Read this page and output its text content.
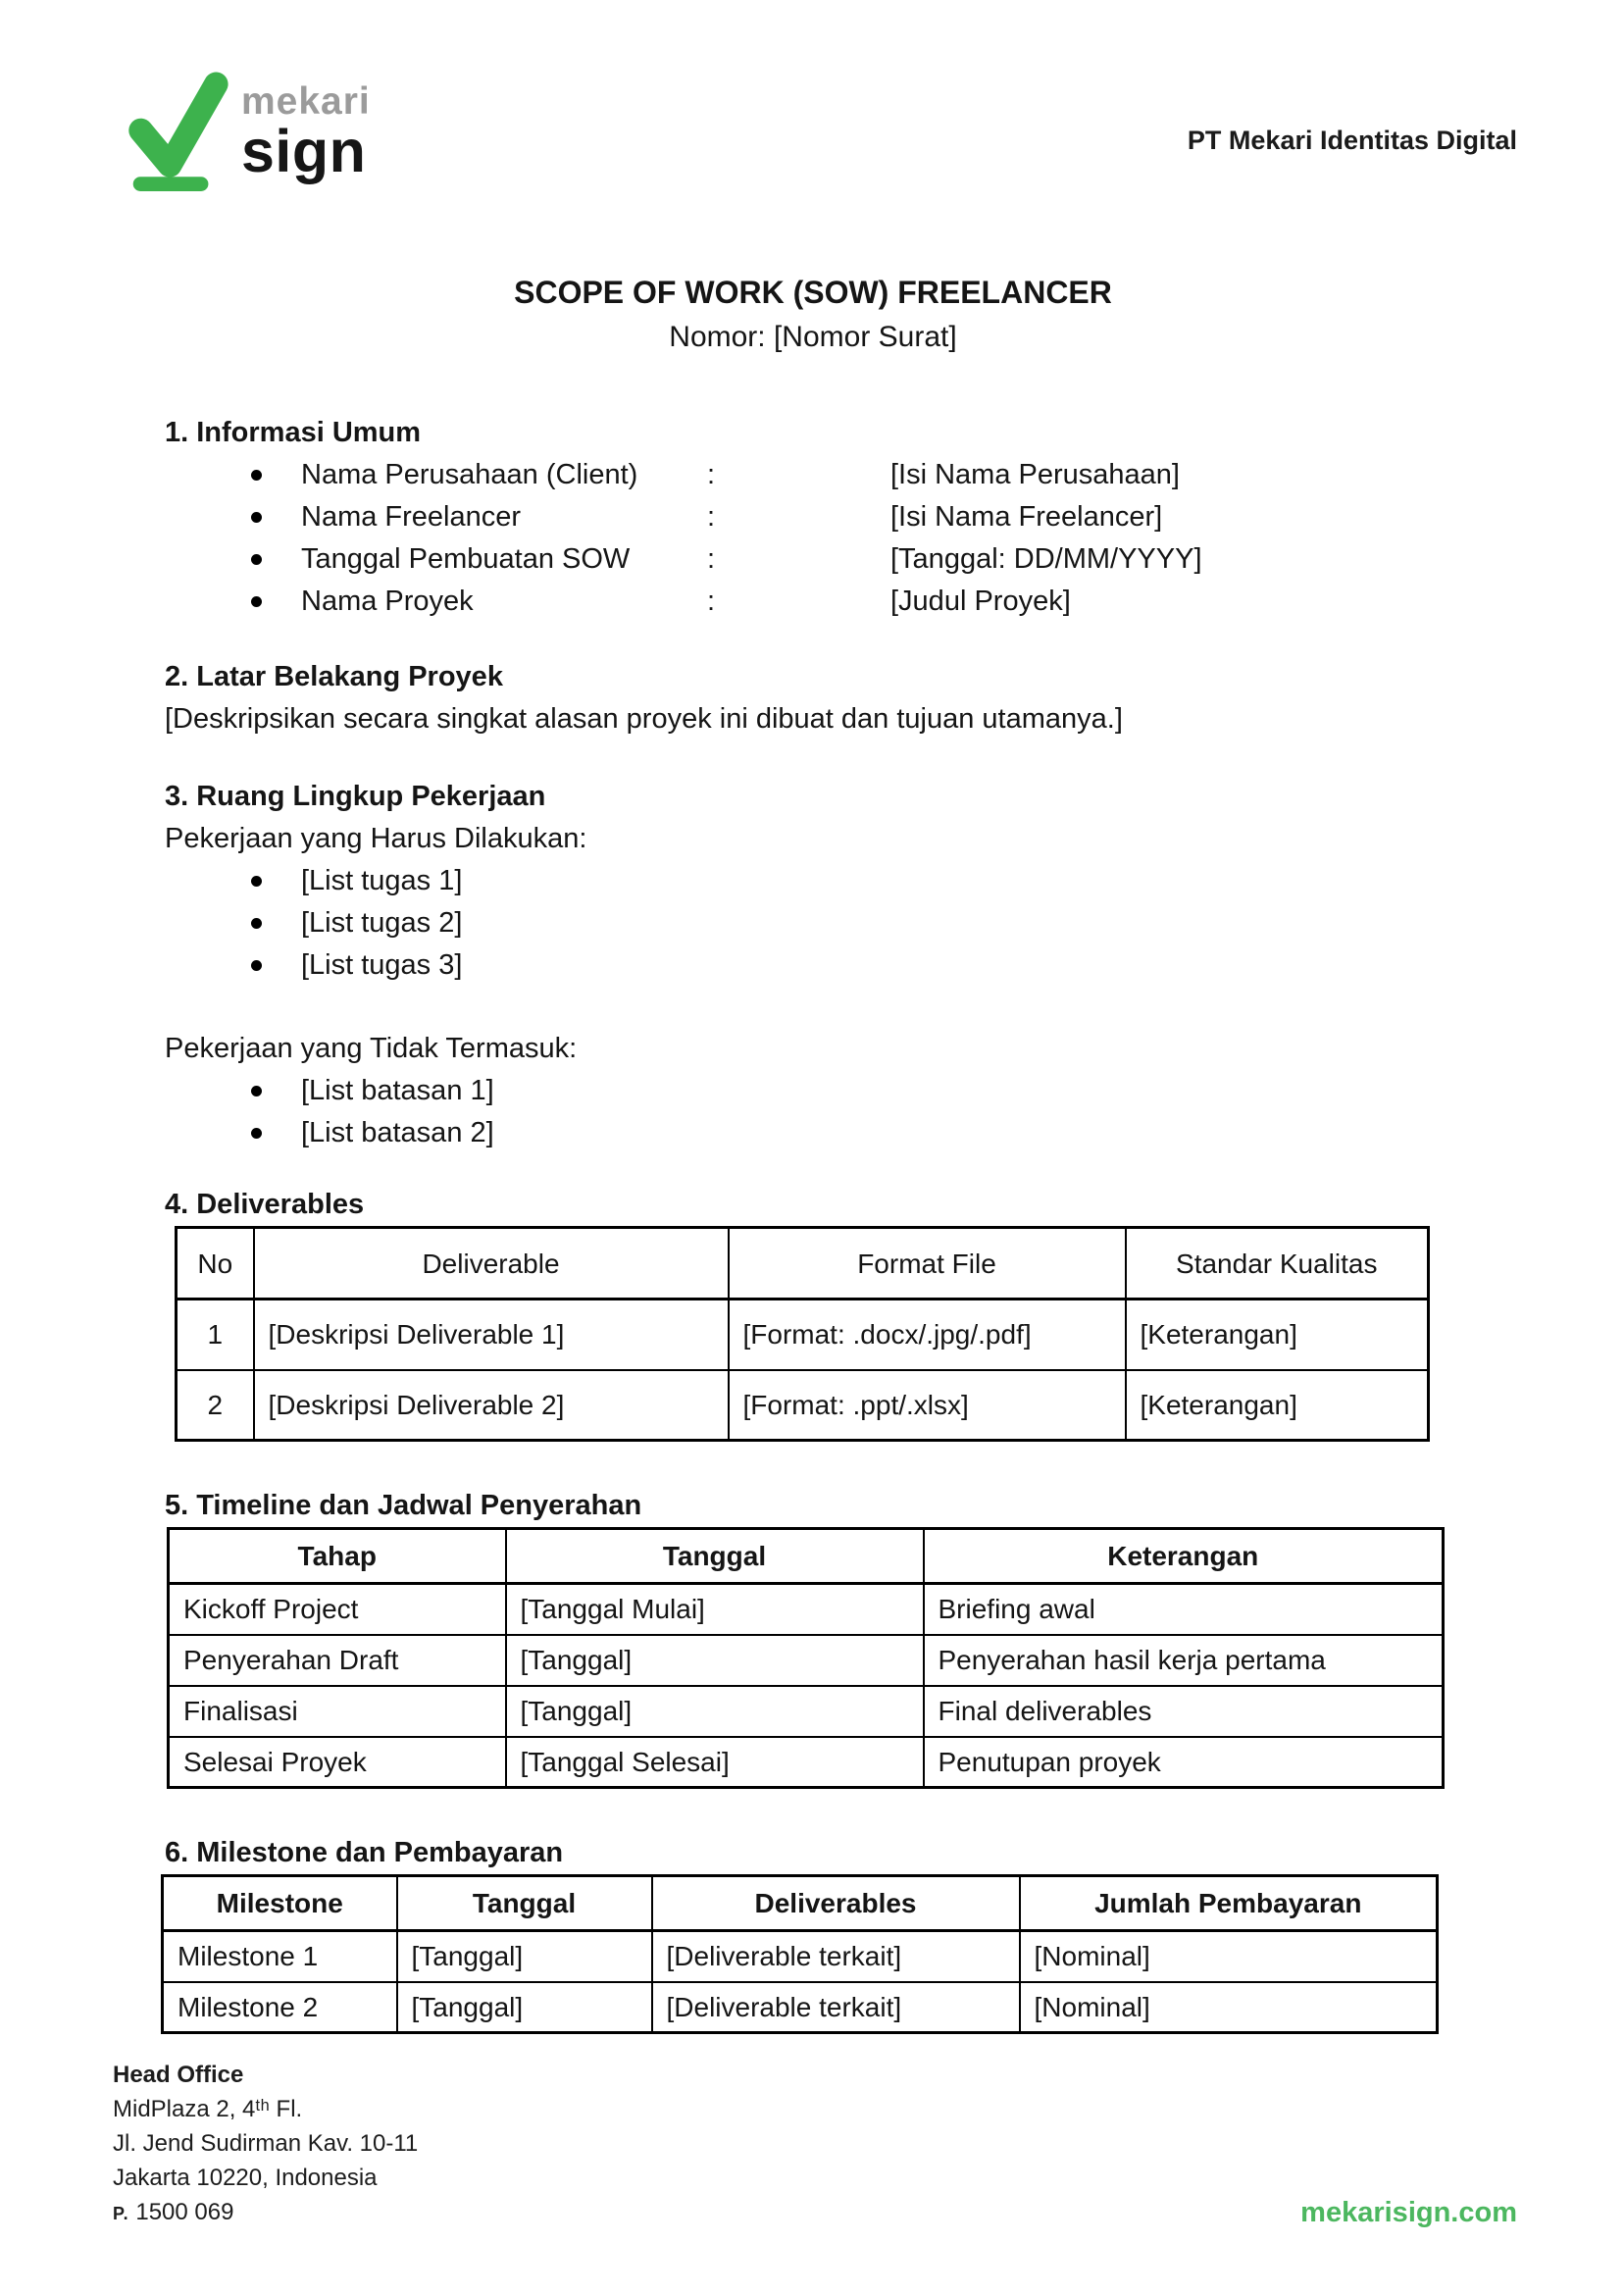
mekari
sign	PT Mekari Identitas Digital
SCOPE OF WORK (SOW) FREELANCER
Nomor: [Nomor Surat]
1. Informasi Umum
Nama Perusahaan (Client)	:	[Isi Nama Perusahaan]
Nama Freelancer	:	[Isi Nama Freelancer]
Tanggal Pembuatan SOW	:	[Tanggal: DD/MM/YYYY]
Nama Proyek	:	[Judul Proyek]
2. Latar Belakang Proyek
[Deskripsikan secara singkat alasan proyek ini dibuat dan tujuan utamanya.]
3. Ruang Lingkup Pekerjaan
Pekerjaan yang Harus Dilakukan:
[List tugas 1]
[List tugas 2]
[List tugas 3]
Pekerjaan yang Tidak Termasuk:
[List batasan 1]
[List batasan 2]
4. Deliverables
No	Deliverable	Format File	Standar Kualitas
1	[Deskripsi Deliverable 1]	[Format: .docx/.jpg/.pdf]	[Keterangan]
2	[Deskripsi Deliverable 2]	[Format: .ppt/.xlsx]	[Keterangan]
5. Timeline dan Jadwal Penyerahan
Tahap	Tanggal	Keterangan
Kickoff Project	[Tanggal Mulai]	Briefing awal
Penyerahan Draft	[Tanggal]	Penyerahan hasil kerja pertama
Finalisasi	[Tanggal]	Final deliverables
Selesai Proyek	[Tanggal Selesai]	Penutupan proyek
6. Milestone dan Pembayaran
Milestone	Tanggal	Deliverables	Jumlah Pembayaran
Milestone 1	[Tanggal]	[Deliverable terkait]	[Nominal]
Milestone 2	[Tanggal]	[Deliverable terkait]	[Nominal]
Head Office
MidPlaza 2, 4ᵗʰ Fl.
Jl. Jend Sudirman Kav. 10-11
Jakarta 10220, Indonesia
P. 1500 069	mekarisign.com
